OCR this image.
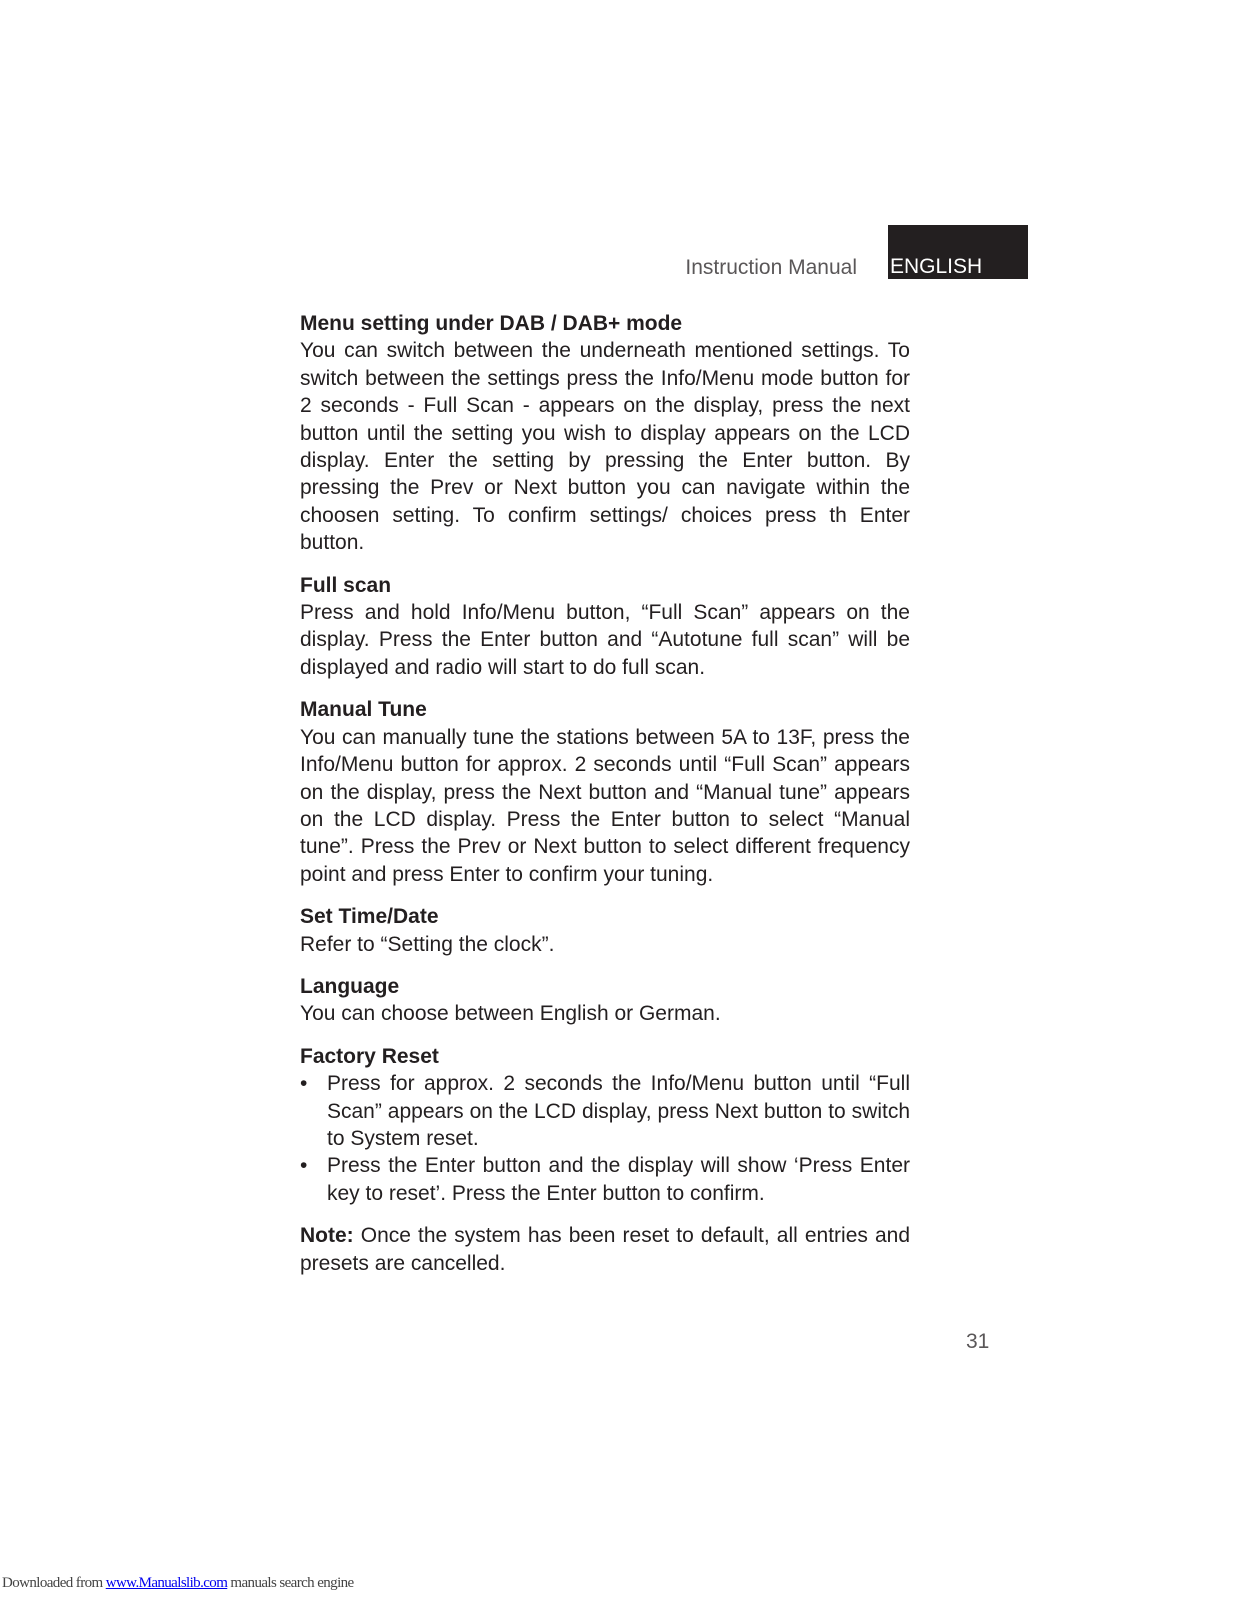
Instruction Manual ENGLISH
Menu setting under DAB / DAB+ mode

You can switch between the underneath mentioned settings. To switch between the settings press the Info/Menu mode button for 2 seconds - Full Scan - appears on the display, press the next button until the setting you wish to display appears on the LCD display. Enter the setting by pressing the Enter button. By pressing the Prev or Next button you can navigate within the choosen setting. To confirm settings/ choices press th Enter button.

Full scan

Press and hold Info/Menu button, “Full Scan” appears on the display. Press the Enter button and “Autotune full scan” will be displayed and radio will start to do full scan.

Manual Tune

You can manually tune the stations between 5A to 13F, press the Info/Menu button for approx. 2 seconds until “Full Scan” appears on the display, press the Next button and “Manual tune” appears on the LCD display. Press the Enter button to select “Manual tune”. Press the Prev or Next button to select different frequency point and press Enter to confirm your tuning.

Set Time/Date

Refer to “Setting the clock”.

Language

You can choose between English or German.

Factory Reset
• Press for approx. 2 seconds the Info/Menu button until “Full Scan” appears on the LCD display, press Next button to switch to System reset.
• Press the Enter button and the display will show ‘Press Enter key to reset’. Press the Enter button to confirm.

Note: Once the system has been reset to default, all entries and presets are cancelled.

31
Downloaded from www.Manualslib.com manuals search engine
